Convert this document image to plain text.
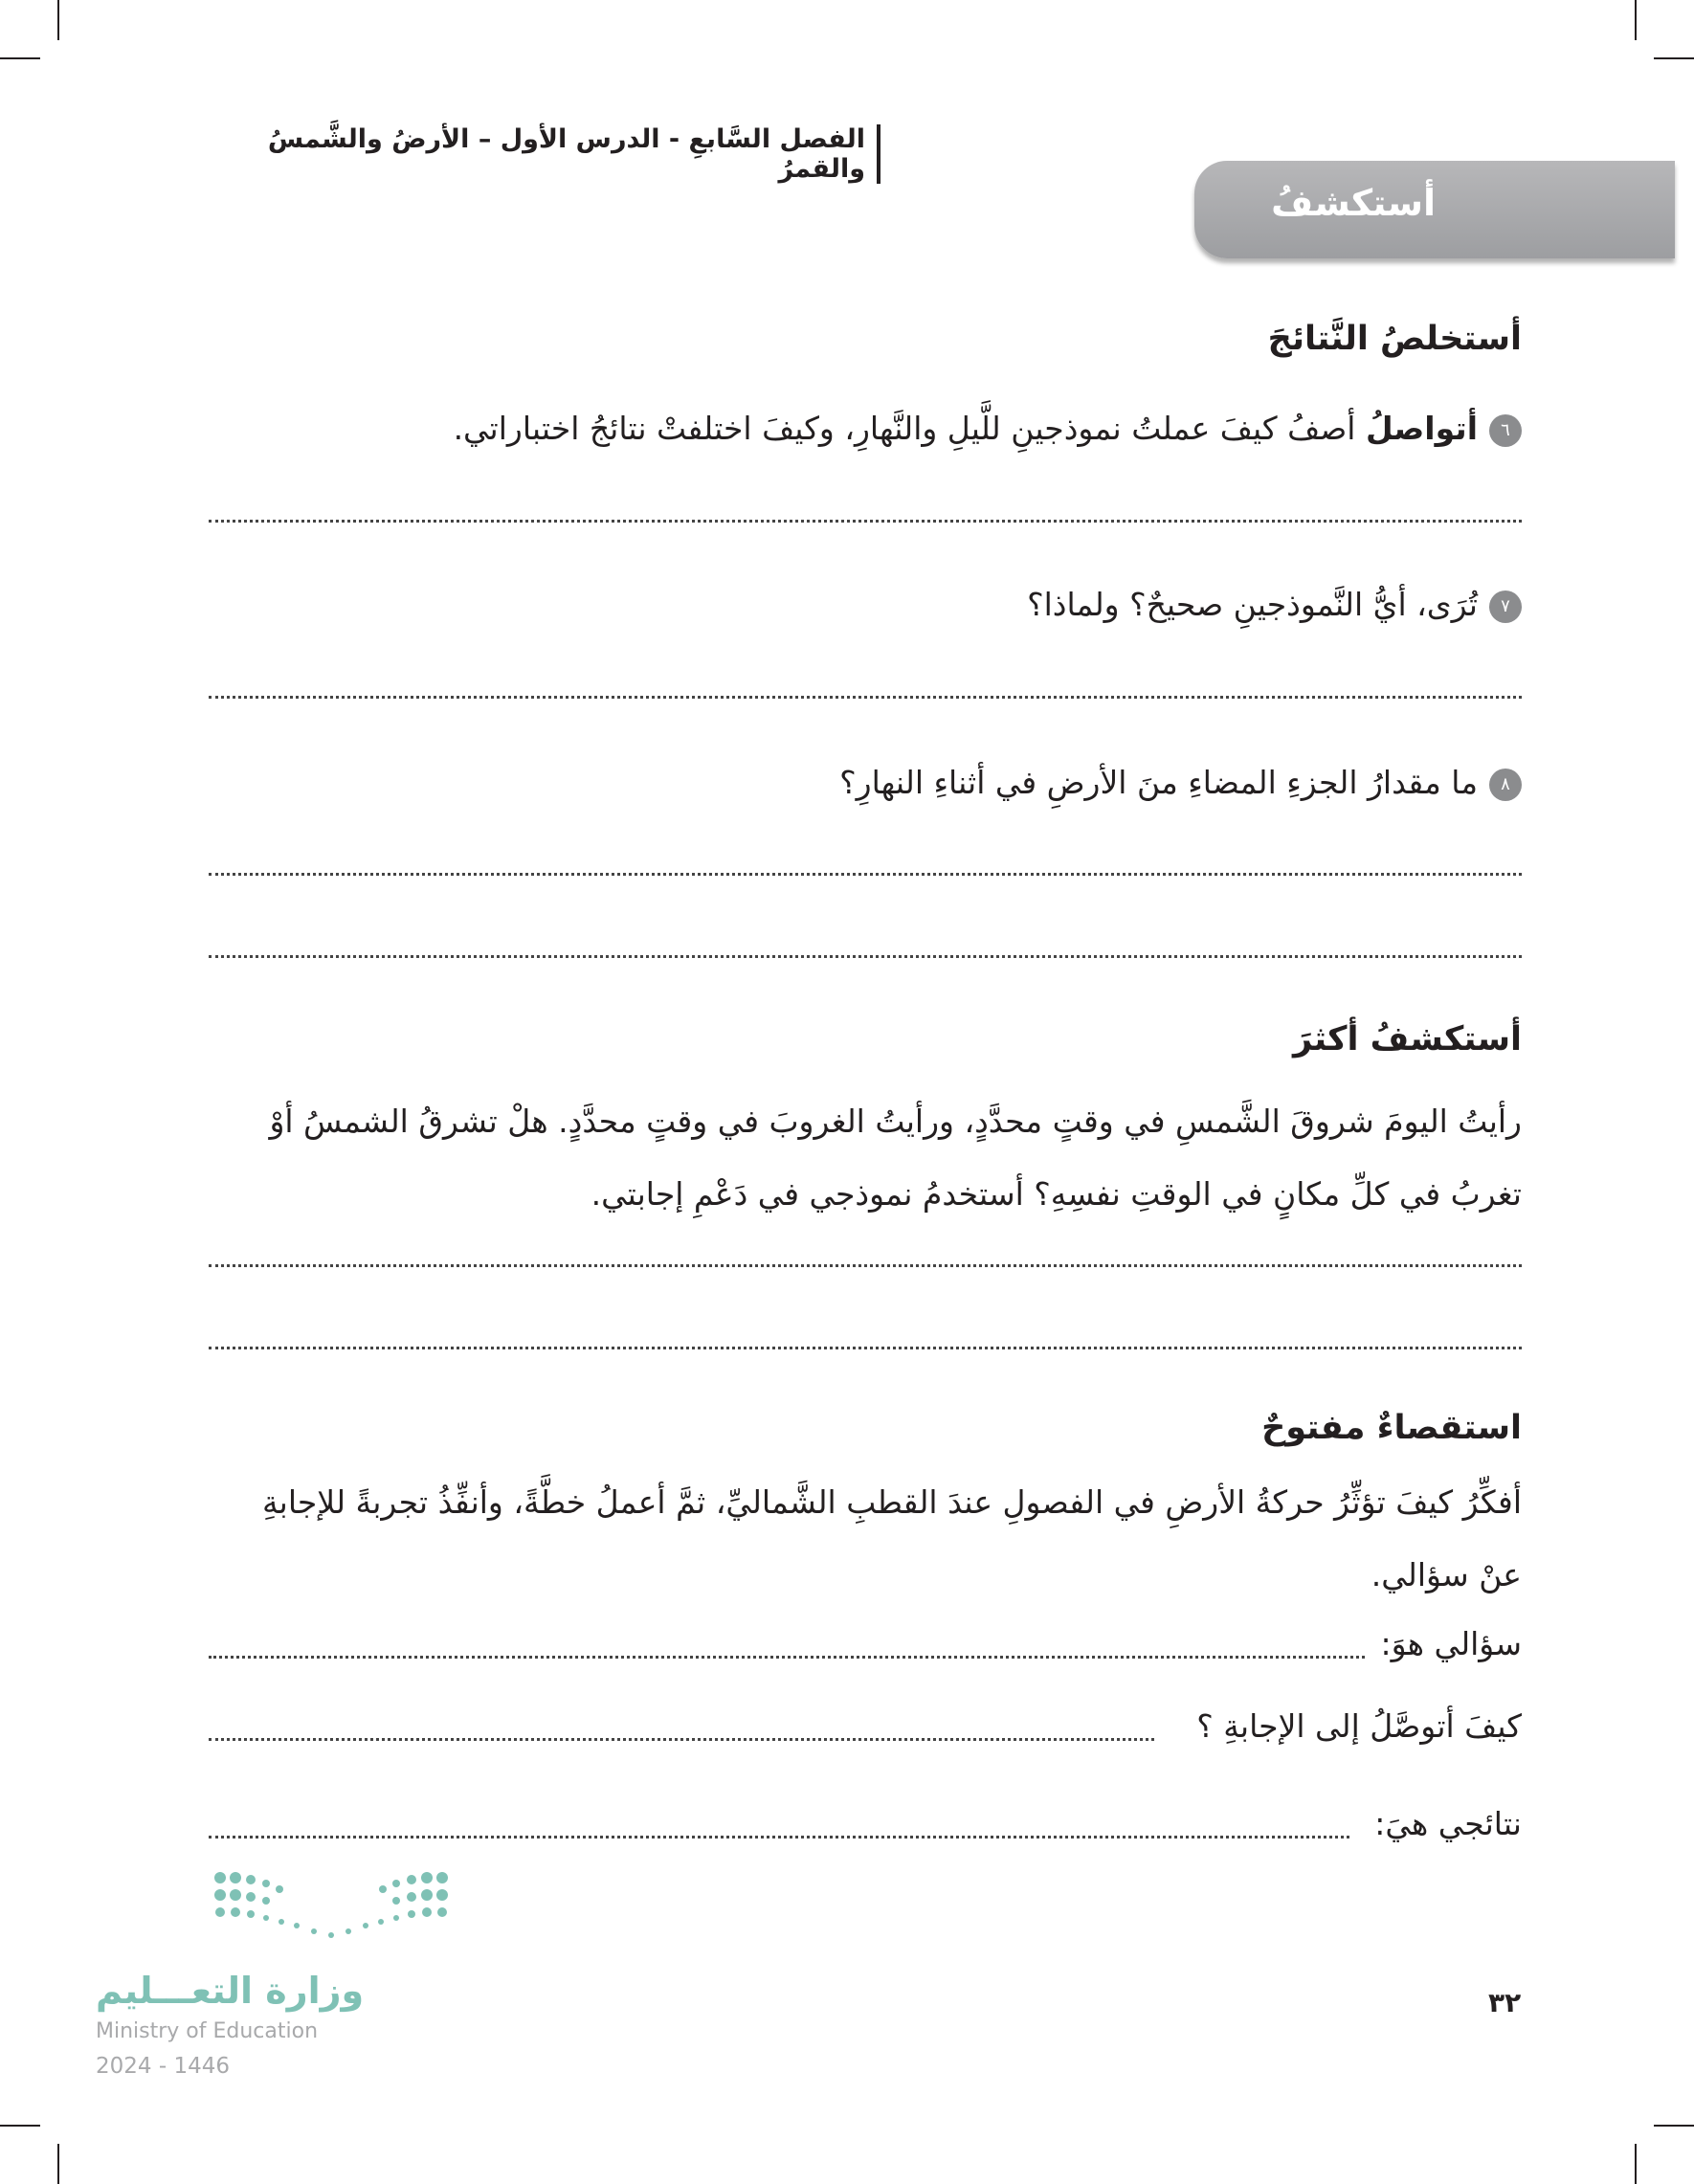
الفصل السَّابعِ - الدرس الأول – الأرضُ والشَّمسُ والقمرُ
أستكشفُ
أستخلصُ النَّتائجَ
٦أتواصلُ أصفُ كيفَ عملتُ نموذجينِ للَّيلِ والنَّهارِ، وكيفَ اختلفتْ نتائجُ اختباراتي.
٧تُرَى، أيُّ النَّموذجينِ صحيحٌ؟ ولماذا؟
٨ما مقدارُ الجزءِ المضاءِ منَ الأرضِ في أثناءِ النهارِ؟
أستكشفُ أكثرَ
رأيتُ اليومَ شروقَ الشَّمسِ في وقتٍ محدَّدٍ، ورأيتُ الغروبَ في وقتٍ محدَّدٍ. هلْ تشرقُ الشمسُ أوْ
تغربُ في كلِّ مكانٍ في الوقتِ نفسِهِ؟ أستخدمُ نموذجي في دَعْمِ إجابتي.
استقصاءٌ مفتوحٌ
أفكِّرُ كيفَ تؤثِّرُ حركةُ الأرضِ في الفصولِ عندَ القطبِ الشَّماليِّ، ثمَّ أعملُ خطَّةً، وأنفِّذُ تجربةً للإجابةِ
عنْ سؤالي.
سؤالي هوَ:
كيفَ أتوصَّلُ إلى الإجابةِ ؟
نتائجي هيَ:
وزارة التعـــليم
Ministry of Education
2024 - 1446
٣٢
